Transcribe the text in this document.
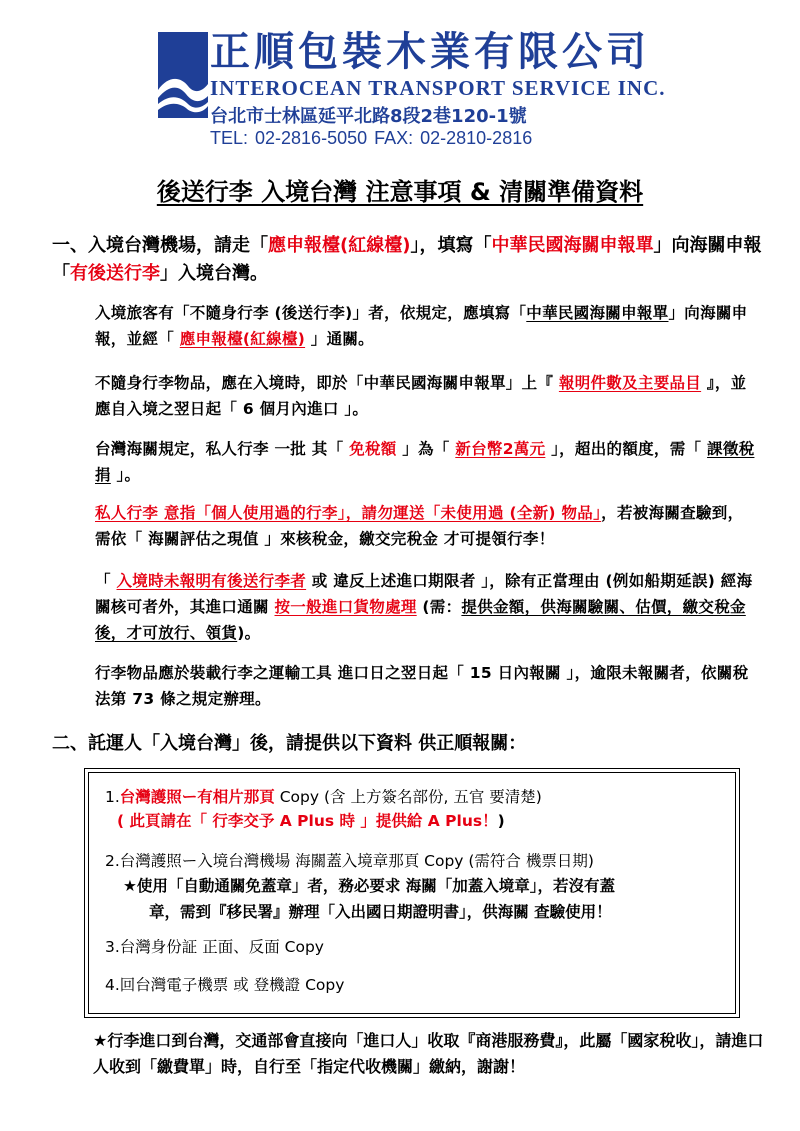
正順包裝木業有限公司
INTEROCEAN TRANSPORT SERVICE INC.
台北市士林區延平北路8段2巷120-1號
TEL: 02-2816-5050 FAX: 02-2810-2816
後送行李 入境台灣 注意事項 & 清關準備資料
一、入境台灣機場，請走「應申報檯(紅線檯)」，填寫「中華民國海關申報單」向海關申報「有後送行李」入境台灣。
入境旅客有「不隨身行李 (後送行李)」者，依規定，應填寫「中華民國海關申報單」向海關申報，並經「 應申報檯(紅線檯) 」通關。
不隨身行李物品，應在入境時，即於「中華民國海關申報單」上『 報明件數及主要品目 』，並應自入境之翌日起「 6 個月內進口 」。
台灣海關規定，私人行李 一批 其「 免稅額 」為「 新台幣2萬元 」，超出的額度，需「 課徵稅捐 」。
私人行李 意指「個人使用過的行李」，請勿運送「未使用過 (全新) 物品」，若被海關查驗到，需依「 海關評估之現值 」來核稅金，繳交完稅金 才可提領行李！
「 入境時未報明有後送行李者 或 違反上述進口期限者 」，除有正當理由 (例如船期延誤) 經海關核可者外，其進口通關 按一般進口貨物處理 (需：提供金額，供海關驗關、估價，繳交稅金後，才可放行、領貨)。
行李物品應於裝載行李之運輸工具 進口日之翌日起「 15 日內報關 」，逾限未報關者，依關稅法第 73 條之規定辦理。
二、託運人「入境台灣」後，請提供以下資料 供正順報關：
1.台灣護照ー有相片那頁 Copy (含 上方簽名部份, 五官 要清楚)
( 此頁請在「 行李交予 A Plus 時 」提供給 A Plus！)
2.台灣護照ー入境台灣機場 海關蓋入境章那頁 Copy (需符合 機票日期)
★使用「自動通關免蓋章」者，務必要求 海關「加蓋入境章」，若沒有蓋
章，需到『移民署』辦理「入出國日期證明書」，供海關 查驗使用！
3.台灣身份証 正面、反面 Copy
4.回台灣電子機票 或 登機證 Copy
★行李進口到台灣，交通部會直接向「進口人」收取『商港服務費』，此屬「國家稅收」，請進口人收到「繳費單」時，自行至「指定代收機關」繳納，謝謝！
